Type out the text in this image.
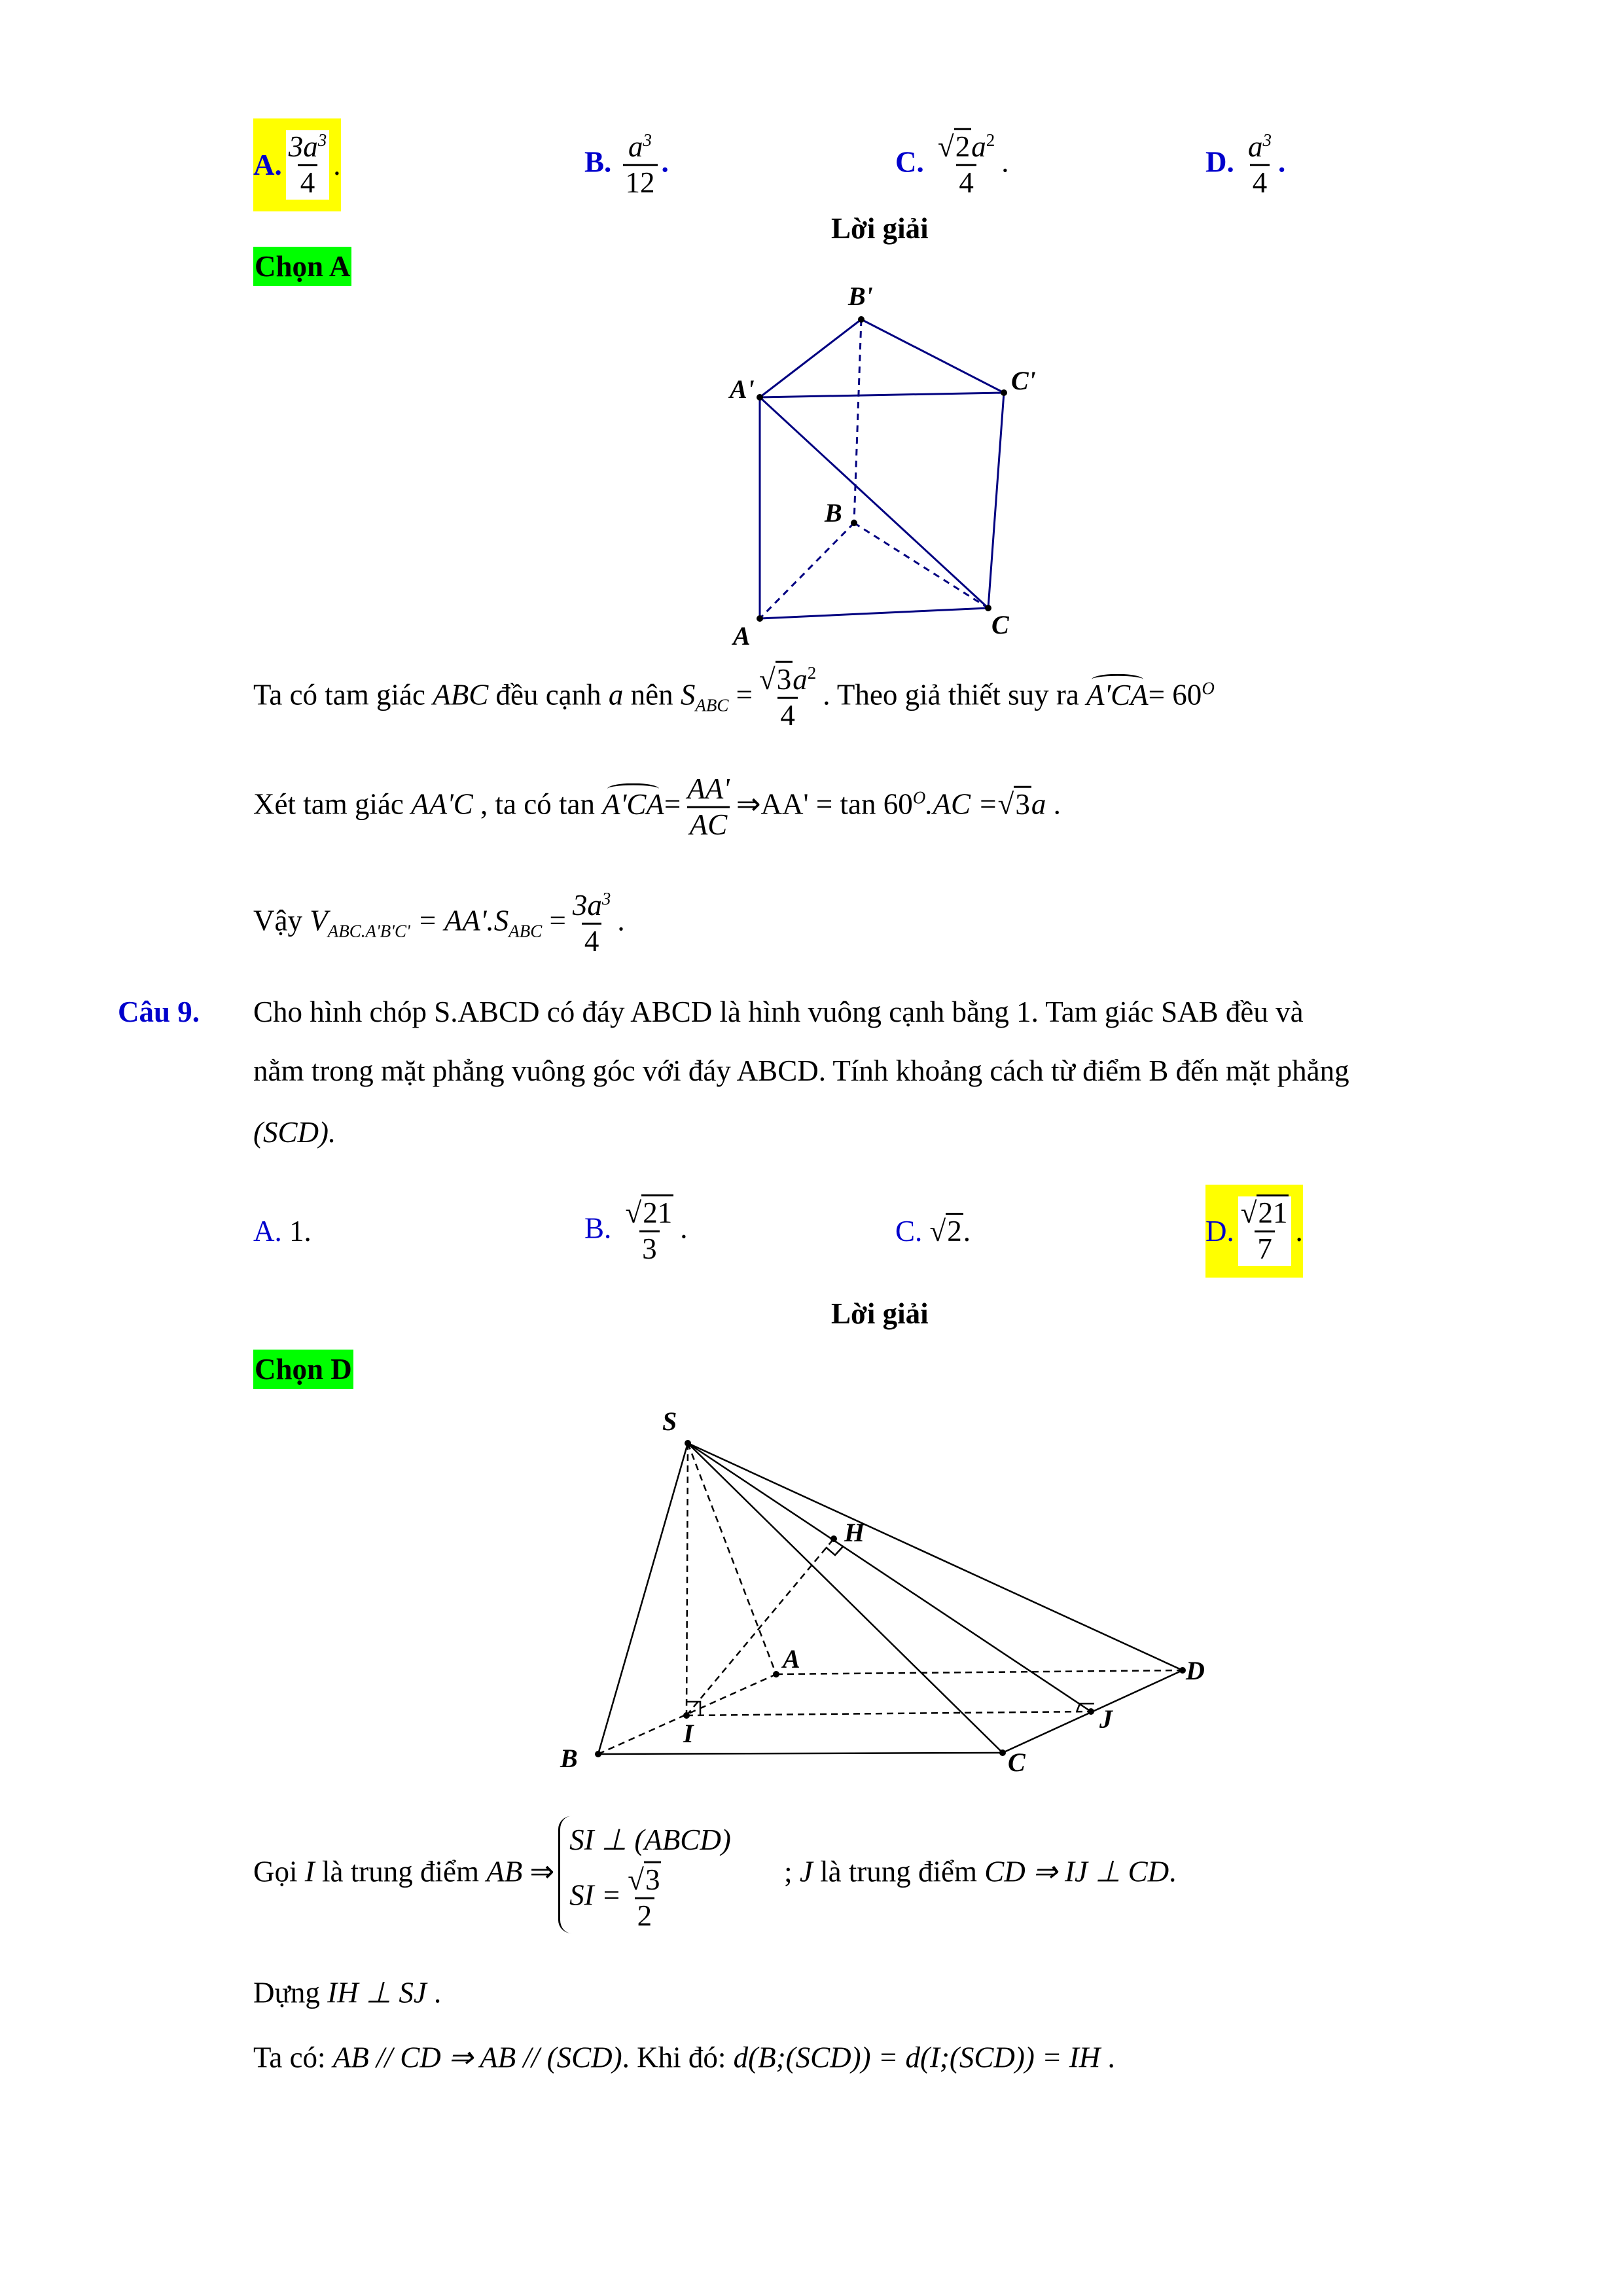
A. $\frac{3a^3}{4}$ .	B. $\frac{a^3}{12}$ .	C. $\frac{√2a^2}{4}$ .	D. $\frac{a^3}{4}$ .
Lời giải
Chọn A
B'
A'	C'
B
A	C
Ta có tam giác ABC đều cạnh a nên $S_{ABC} = \frac{√3a^2}{4}$ . Theo giả thiết suy ra $A'CA= 60^O$
Xét tam giác AA'C , ta có $\tan A'CA= \frac{AA'}{AC}$ ⇒AA' = $\tan 60^O.AC =√3a$ .
Vậy $V_{ABC.A'B'C'} = AA'.S_{ABC} = \frac{3a^3}{4}$ .
Câu 9. Cho hình chóp S.ABCD có đáy ABCD là hình vuông cạnh bằng 1. Tam giác SAB đều và
nằm trong mặt phẳng vuông góc với đáy ABCD. Tính khoảng cách từ điểm B đến mặt phẳng
(SCD).
A. 1.	B. $\frac{√21}{3}$ .	C. √2.	D. $\frac{√21}{7}$ .
Lời giải
Chọn D
S
H
A	D
I	J
B	C
Gọi I là trung điểm AB ⇒
SI ⊥ (ABCD)
SI = $\frac{√3}{2}$	; J là trung điểm CD ⇒ IJ ⊥ CD.
Dựng IH ⊥ SJ .
Ta có: AB // CD ⇒ AB // (SCD). Khi đó: d(B;(SCD)) = d(I;(SCD)) = IH .
